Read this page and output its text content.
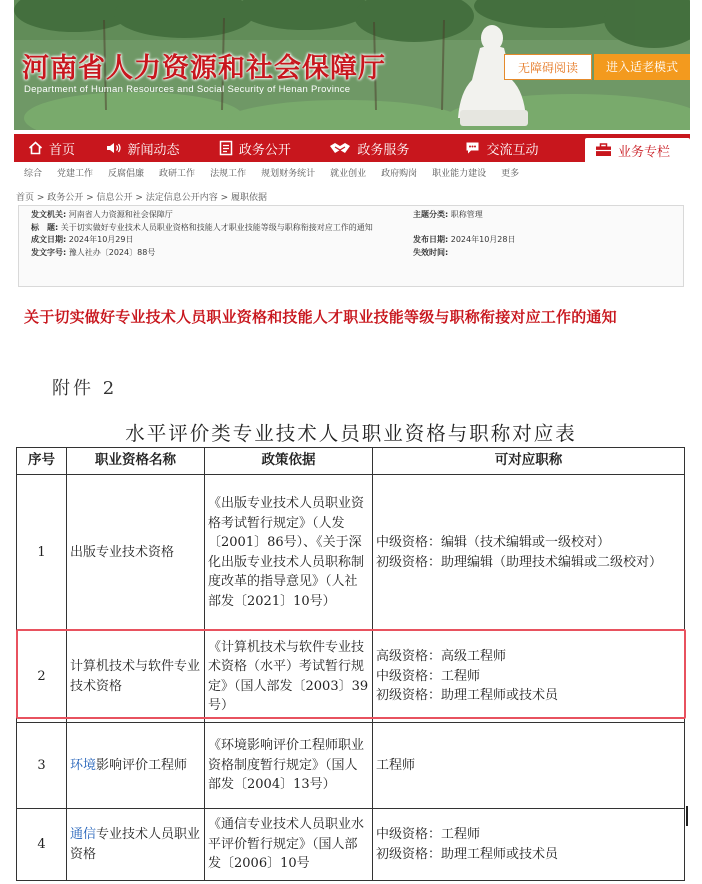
河南省人力资源和社会保障厅
Department of Human Resources and Social Security of Henan Province
无障碍阅读	进入适老模式
首页	新闻动态	政务公开	政务服务	交流互动	业务专栏
综合 党建工作 反腐倡廉 政研工作 法规工作 规划财务统计 就业创业 政府购岗 职业能力建设 更多
首页 > 政务公开 > 信息公开 > 法定信息公开内容 > 履职依据
发文机关: 河南省人力资源和社会保障厅	主题分类: 职称管理
标　题: 关于切实做好专业技术人员职业资格和技能人才职业技能等级与职称衔接对应工作的通知
成文日期: 2024年10月29日	发布日期: 2024年10月28日
发文字号: 豫人社办〔2024〕88号	失效时间:
关于切实做好专业技术人员职业资格和技能人才职业技能等级与职称衔接对应工作的通知
附件 2
水平评价类专业技术人员职业资格与职称对应表
序号	职业资格名称	政策依据	可对应职称
1	出版专业技术资格	《出版专业技术人员职业资格考试暂行规定》（人发〔2001〕86号）、《关于深化出版专业技术人员职称制度改革的指导意见》（人社部发〔2021〕10号）	中级资格：编辑（技术编辑或一级校对）
初级资格：助理编辑（助理技术编辑或二级校对）

2	计算机技术与软件专业技术资格	《计算机技术与软件专业技术资格（水平）考试暂行规定》（国人部发〔2003〕39号）	高级资格：高级工程师
中级资格：工程师
初级资格：助理工程师或技术员

3	环境影响评价工程师	《环境影响评价工程师职业资格制度暂行规定》（国人部发〔2004〕13号）	工程师

4	通信专业技术人员职业资格	《通信专业技术人员职业水平评价暂行规定》（国人部发〔2006〕10号	中级资格：工程师
初级资格：助理工程师或技术员
